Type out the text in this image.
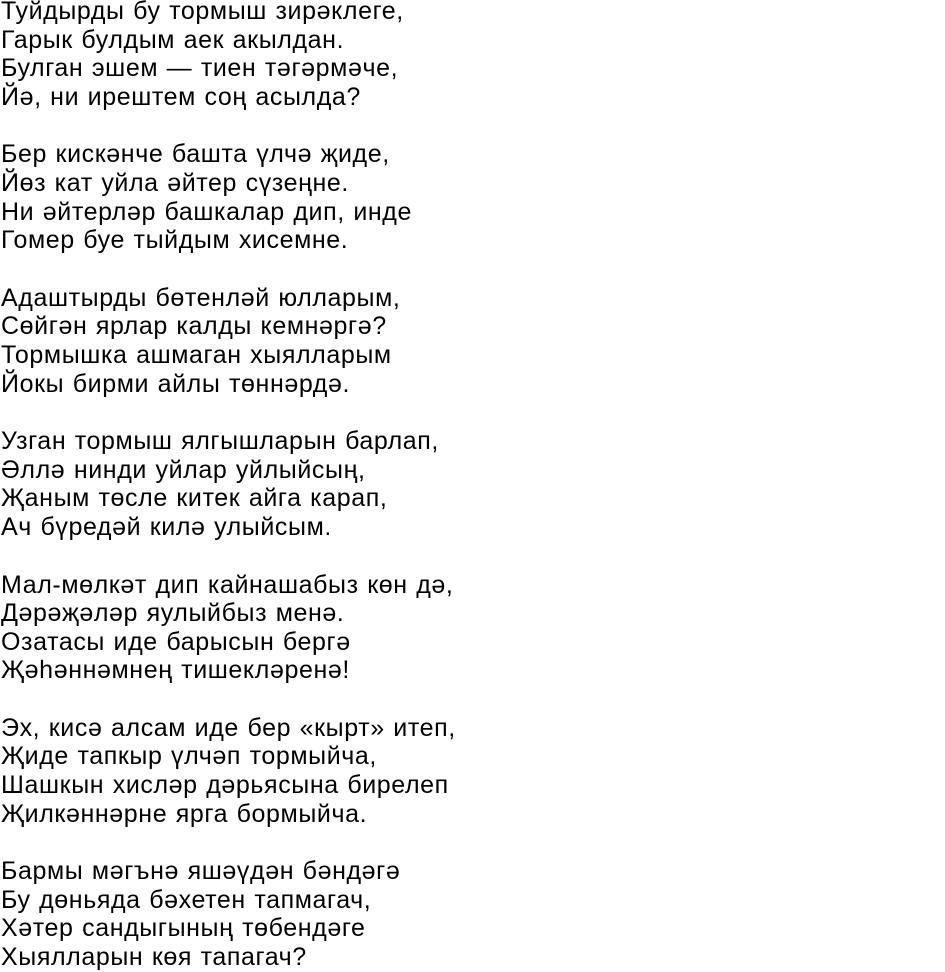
Туйдырды бу тормыш зирәклеге,
Гарык булдым аек акылдан.
Булган эшем — тиен тәгәрмәче,
Йә, ни ирештем соң асылда?
Бер кискәнче башта үлчә җиде,
Йөз кат уйла әйтер сүзеңне.
Ни әйтерләр башкалар дип, инде
Гомер буе тыйдым хисемне.
Адаштырды бөтенләй юлларым,
Сөйгән ярлар калды кемнәргә?
Тормышка ашмаган хыялларым
Йокы бирми айлы төннәрдә.
Узган тормыш ялгышларын барлап,
Әллә нинди уйлар уйлыйсың,
Җаным төсле китек айга карап,
Ач бүредәй килә улыйсым.
Мал-мөлкәт дип кайнашабыз көн дә,
Дәрәҗәләр яулыйбыз менә.
Озатасы иде барысын бергә
Җәһәннәмнең тишекләренә!
Эх, кисә алсам иде бер «кырт» итеп,
Җиде тапкыр үлчәп тормыйча,
Шашкын хисләр дәрьясына бирелеп
Җилкәннәрне ярга бормыйча.
Бармы мәгънә яшәүдән бәндәгә
Бу дөньяда бәхетен тапмагач,
Хәтер сандыгының төбендәге
Хыялларын көя тапагач?
